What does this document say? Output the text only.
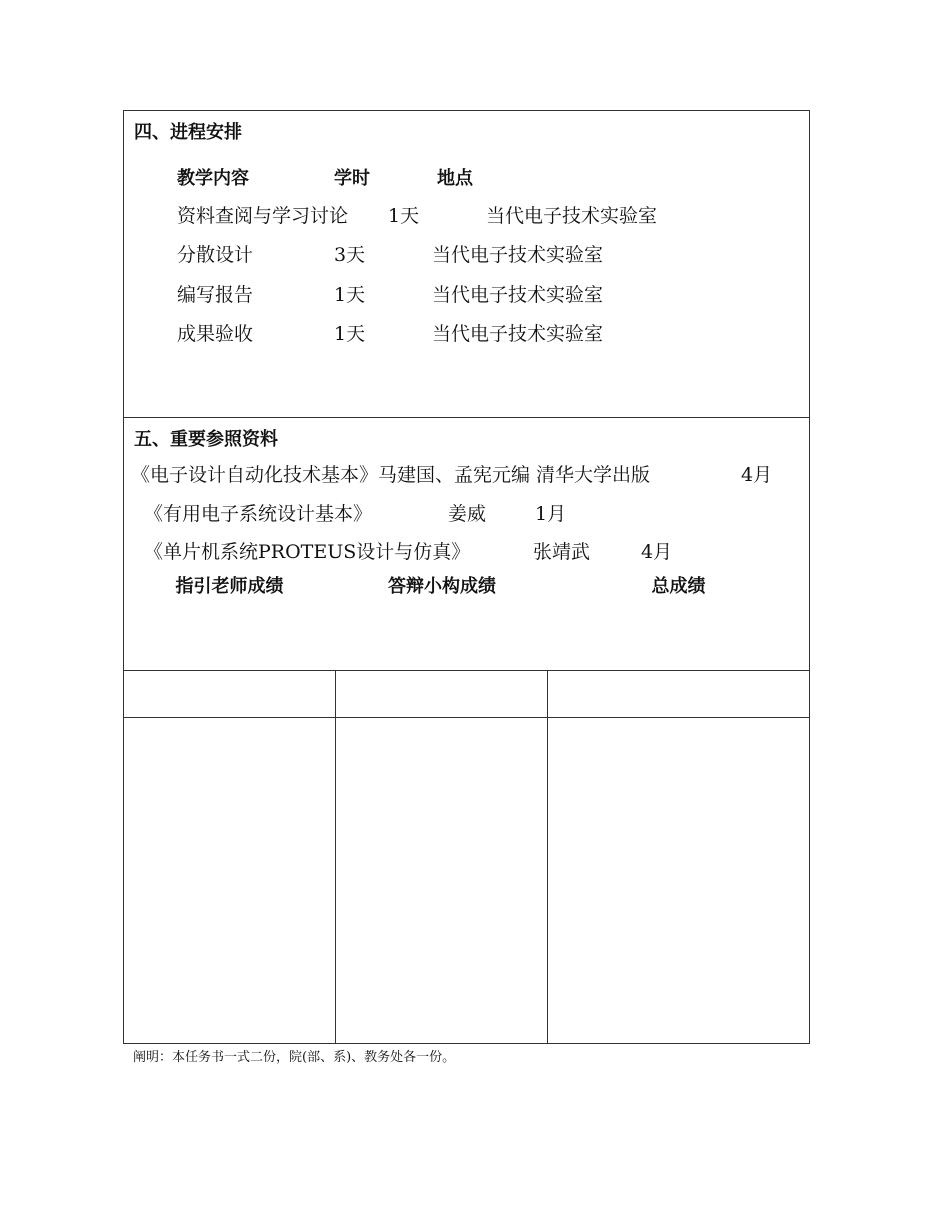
四、进程安排
教学内容	学时	地点
资料查阅与学习讨论 1天	当代电子技术实验室
分散设计	3天	当代电子技术实验室
编写报告	1天	当代电子技术实验室
成果验收	1天	当代电子技术实验室
五、重要参照资料
《电子设计自动化技术基本》马建国、孟宪元编 清华大学出版	4月
《有用电子系统设计基本》	姜威	1月
《单片机系统PROTEUS设计与仿真》	张靖武	4月
指引老师成绩	答辩小构成绩	总成绩
阐明：本任务书一式二份，院(部、系)、教务处各一份。
